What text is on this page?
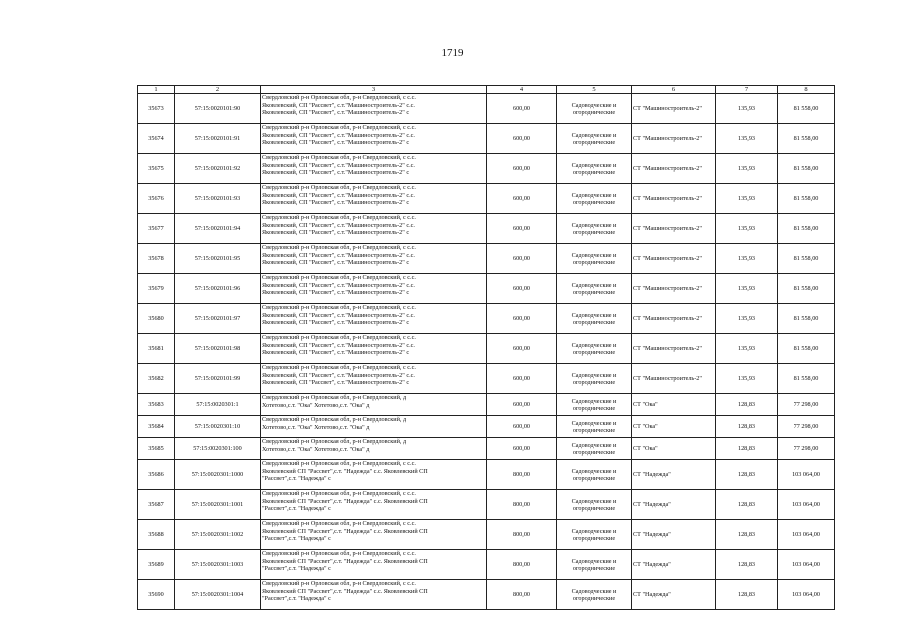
1719
1	2	3	4	5	6	7	8
35673	57:15:0020101:90	Свердловский р-н Орловская обл, р-н Свердловский, с с.с.
Яковлевский, СП "Рассвет", с.т."Машиностроитель-2" с.с.
Яковлевский, СП "Рассвет", с.т."Машиностроитель-2" с	600,00	Садоводческие и огороднические	СТ "Машиностроитель-2"	135,93	81 558,00
35674	57:15:0020101:91	Свердловский р-н Орловская обл, р-н Свердловский, с с.с.
Яковлевский, СП "Рассвет", с.т."Машиностроитель-2" с.с.
Яковлевский, СП "Рассвет", с.т."Машиностроитель-2" с	600,00	Садоводческие и огороднические	СТ "Машиностроитель-2"	135,93	81 558,00
35675	57:15:0020101:92	Свердловский р-н Орловская обл, р-н Свердловский, с с.с.
Яковлевский, СП "Рассвет", с.т."Машиностроитель-2" с.с.
Яковлевский, СП "Рассвет", с.т."Машиностроитель-2" с	600,00	Садоводческие и огороднические	СТ "Машиностроитель-2"	135,93	81 558,00
35676	57:15:0020101:93	Свердловский р-н Орловская обл, р-н Свердловский, с с.с.
Яковлевский, СП "Рассвет", с.т."Машиностроитель-2" с.с.
Яковлевский, СП "Рассвет", с.т."Машиностроитель-2" с	600,00	Садоводческие и огороднические	СТ "Машиностроитель-2"	135,93	81 558,00
35677	57:15:0020101:94	Свердловский р-н Орловская обл, р-н Свердловский, с с.с.
Яковлевский, СП "Рассвет", с.т."Машиностроитель-2" с.с.
Яковлевский, СП "Рассвет", с.т."Машиностроитель-2" с	600,00	Садоводческие и огороднические	СТ "Машиностроитель-2"	135,93	81 558,00
35678	57:15:0020101:95	Свердловский р-н Орловская обл, р-н Свердловский, с с.с.
Яковлевский, СП "Рассвет", с.т."Машиностроитель-2" с.с.
Яковлевский, СП "Рассвет", с.т."Машиностроитель-2" с	600,00	Садоводческие и огороднические	СТ "Машиностроитель-2"	135,93	81 558,00
35679	57:15:0020101:96	Свердловский р-н Орловская обл, р-н Свердловский, с с.с.
Яковлевский, СП "Рассвет", с.т."Машиностроитель-2" с.с.
Яковлевский, СП "Рассвет", с.т."Машиностроитель-2" с	600,00	Садоводческие и огороднические	СТ "Машиностроитель-2"	135,93	81 558,00
35680	57:15:0020101:97	Свердловский р-н Орловская обл, р-н Свердловский, с с.с.
Яковлевский, СП "Рассвет", с.т."Машиностроитель-2" с.с.
Яковлевский, СП "Рассвет", с.т."Машиностроитель-2" с	600,00	Садоводческие и огороднические	СТ "Машиностроитель-2"	135,93	81 558,00
35681	57:15:0020101:98	Свердловский р-н Орловская обл, р-н Свердловский, с с.с.
Яковлевский, СП "Рассвет", с.т."Машиностроитель-2" с.с.
Яковлевский, СП "Рассвет", с.т."Машиностроитель-2" с	600,00	Садоводческие и огороднические	СТ "Машиностроитель-2"	135,93	81 558,00
35682	57:15:0020101:99	Свердловский р-н Орловская обл, р-н Свердловский, с с.с.
Яковлевский, СП "Рассвет", с.т."Машиностроитель-2" с.с.
Яковлевский, СП "Рассвет", с.т."Машиностроитель-2" с	600,00	Садоводческие и огороднические	СТ "Машиностроитель-2"	135,93	81 558,00
35683	57:15:0020301:1	Свердловский р-н Орловская обл, р-н Свердловский, д
Хотетово,с.т. "Ока" Хотетово,с.т. "Ока" д	600,00	Садоводческие и огороднические	СТ "Ока"	128,83	77 298,00
35684	57:15:0020301:10	Свердловский р-н Орловская обл, р-н Свердловский, д
Хотетово,с.т. "Ока" Хотетово,с.т. "Ока" д	600,00	Садоводческие и огороднические	СТ "Ока"	128,83	77 298,00
35685	57:15:0020301:100	Свердловский р-н Орловская обл, р-н Свердловский, д
Хотетово,с.т. "Ока" Хотетово,с.т. "Ока" д	600,00	Садоводческие и огороднические	СТ "Ока"	128,83	77 298,00
35686	57:15:0020301:1000	Свердловский р-н Орловская обл, р-н Свердловский, с с.с.
Яковлевский СП "Рассвет",с.т. "Надежда" с.с. Яковлевский СП
"Рассвет",с.т. "Надежда" с	800,00	Садоводческие и огороднические	СТ "Надежда"	128,83	103 064,00
35687	57:15:0020301:1001	Свердловский р-н Орловская обл, р-н Свердловский, с с.с.
Яковлевский СП "Рассвет",с.т. "Надежда" с.с. Яковлевский СП
"Рассвет",с.т. "Надежда" с	800,00	Садоводческие и огороднические	СТ "Надежда"	128,83	103 064,00
35688	57:15:0020301:1002	Свердловский р-н Орловская обл, р-н Свердловский, с с.с.
Яковлевский СП "Рассвет",с.т. "Надежда" с.с. Яковлевский СП
"Рассвет",с.т. "Надежда" с	800,00	Садоводческие и огороднические	СТ "Надежда"	128,83	103 064,00
35689	57:15:0020301:1003	Свердловский р-н Орловская обл, р-н Свердловский, с с.с.
Яковлевский СП "Рассвет",с.т. "Надежда" с.с. Яковлевский СП
"Рассвет",с.т. "Надежда" с	800,00	Садоводческие и огороднические	СТ "Надежда"	128,83	103 064,00
35690	57:15:0020301:1004	Свердловский р-н Орловская обл, р-н Свердловский, с с.с.
Яковлевский СП "Рассвет",с.т. "Надежда" с.с. Яковлевский СП
"Рассвет",с.т. "Надежда" с	800,00	Садоводческие и огороднические	СТ "Надежда"	128,83	103 064,00
